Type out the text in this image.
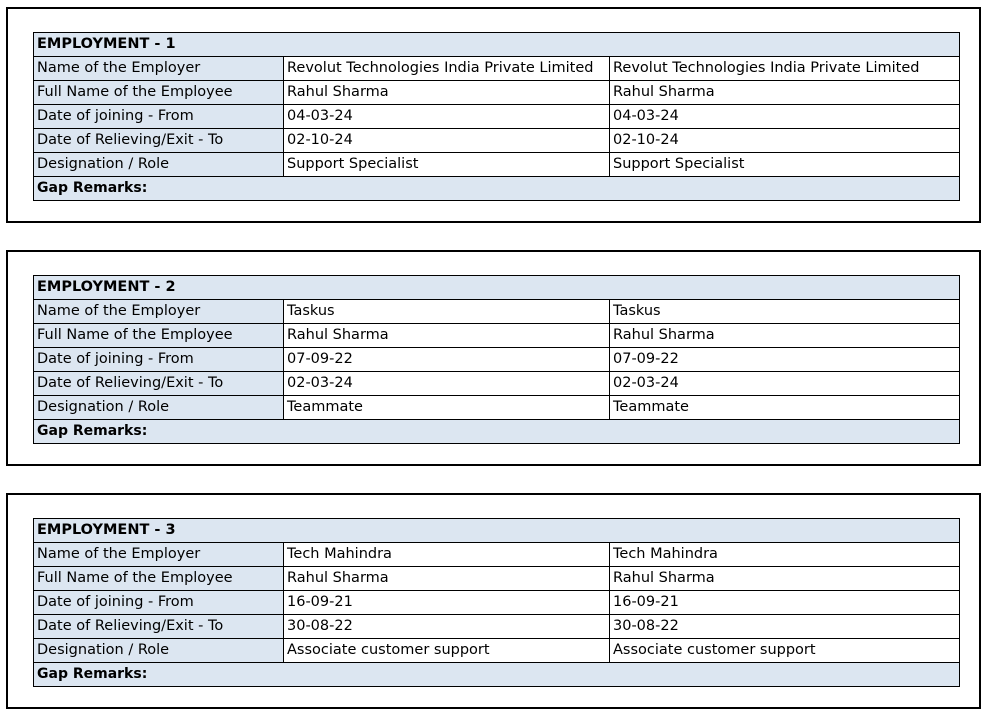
EMPLOYMENT - 1		
Name of the Employer	Revolut Technologies India Private Limited	Revolut Technologies India Private Limited
Full Name of the Employee	Rahul Sharma	Rahul Sharma
Date of joining - From	04-03-24	04-03-24
Date of Relieving/Exit - To	02-10-24	02-10-24
Designation / Role	Support Specialist	Support Specialist
Gap Remarks:		
EMPLOYMENT - 2		
Name of the Employer	Taskus	Taskus
Full Name of the Employee	Rahul Sharma	Rahul Sharma
Date of joining - From	07-09-22	07-09-22
Date of Relieving/Exit - To	02-03-24	02-03-24
Designation / Role	Teammate	Teammate
Gap Remarks:		
EMPLOYMENT - 3		
Name of the Employer	Tech Mahindra	Tech Mahindra
Full Name of the Employee	Rahul Sharma	Rahul Sharma
Date of joining - From	16-09-21	16-09-21
Date of Relieving/Exit - To	30-08-22	30-08-22
Designation / Role	Associate customer support	Associate customer support
Gap Remarks:		
